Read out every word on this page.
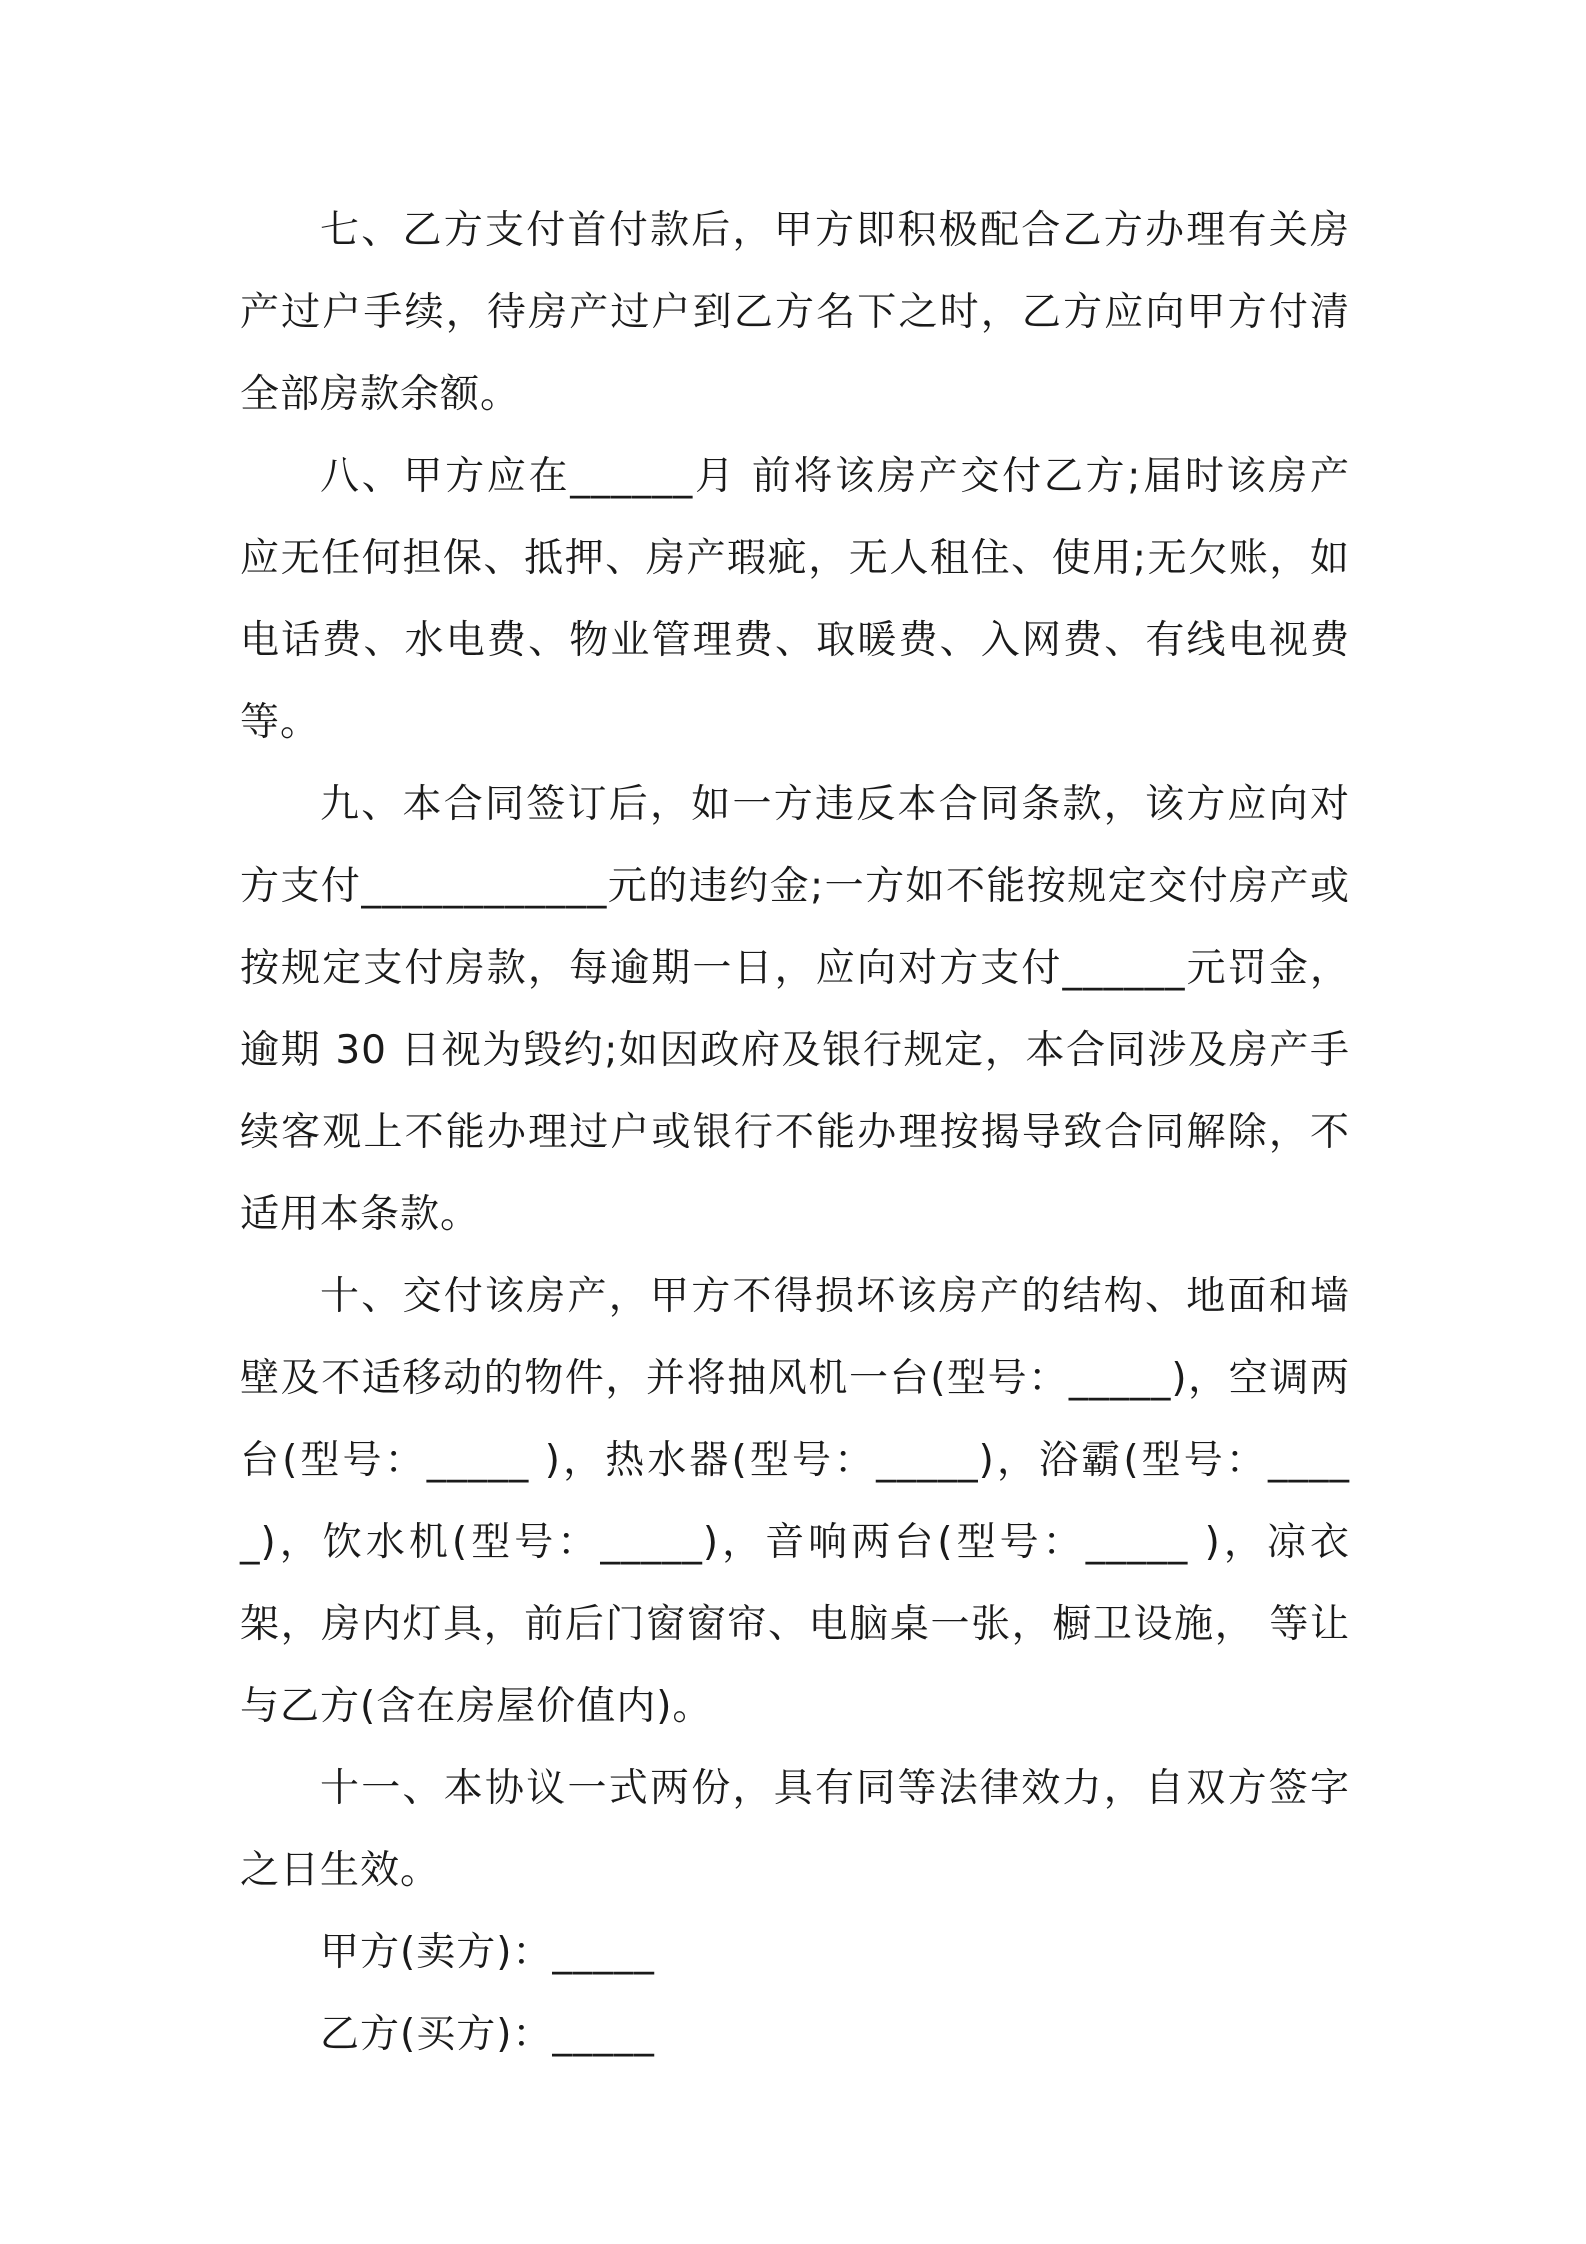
七、乙方支付首付款后，甲方即积极配合乙方办理有关房产过户手续，待房产过户到乙方名下之时，乙方应向甲方付清全部房款余额。

八、甲方应在______月 前将该房产交付乙方;届时该房产应无任何担保、抵押、房产瑕疵，无人租住、使用;无欠账，如电话费、水电费、物业管理费、取暖费、入网费、有线电视费等。

九、本合同签订后，如一方违反本合同条款，该方应向对方支付____________元的违约金;一方如不能按规定交付房产或按规定支付房款，每逾期一日，应向对方支付______元罚金，逾期 30 日视为毁约;如因政府及银行规定，本合同涉及房产手续客观上不能办理过户或银行不能办理按揭导致合同解除，不适用本条款。

十、交付该房产，甲方不得损坏该房产的结构、地面和墙壁及不适移动的物件，并将抽风机一台(型号：_____)，空调两台(型号：_____ )，热水器(型号：_____)，浴霸(型号：_____)，饮水机(型号：_____)，音响两台(型号：_____ )，凉衣架，房内灯具，前后门窗窗帘、电脑桌一张，橱卫设施， 等让与乙方(含在房屋价值内)。

十一、本协议一式两份，具有同等法律效力，自双方签字之日生效。

甲方(卖方)：_____

乙方(买方)：_____
